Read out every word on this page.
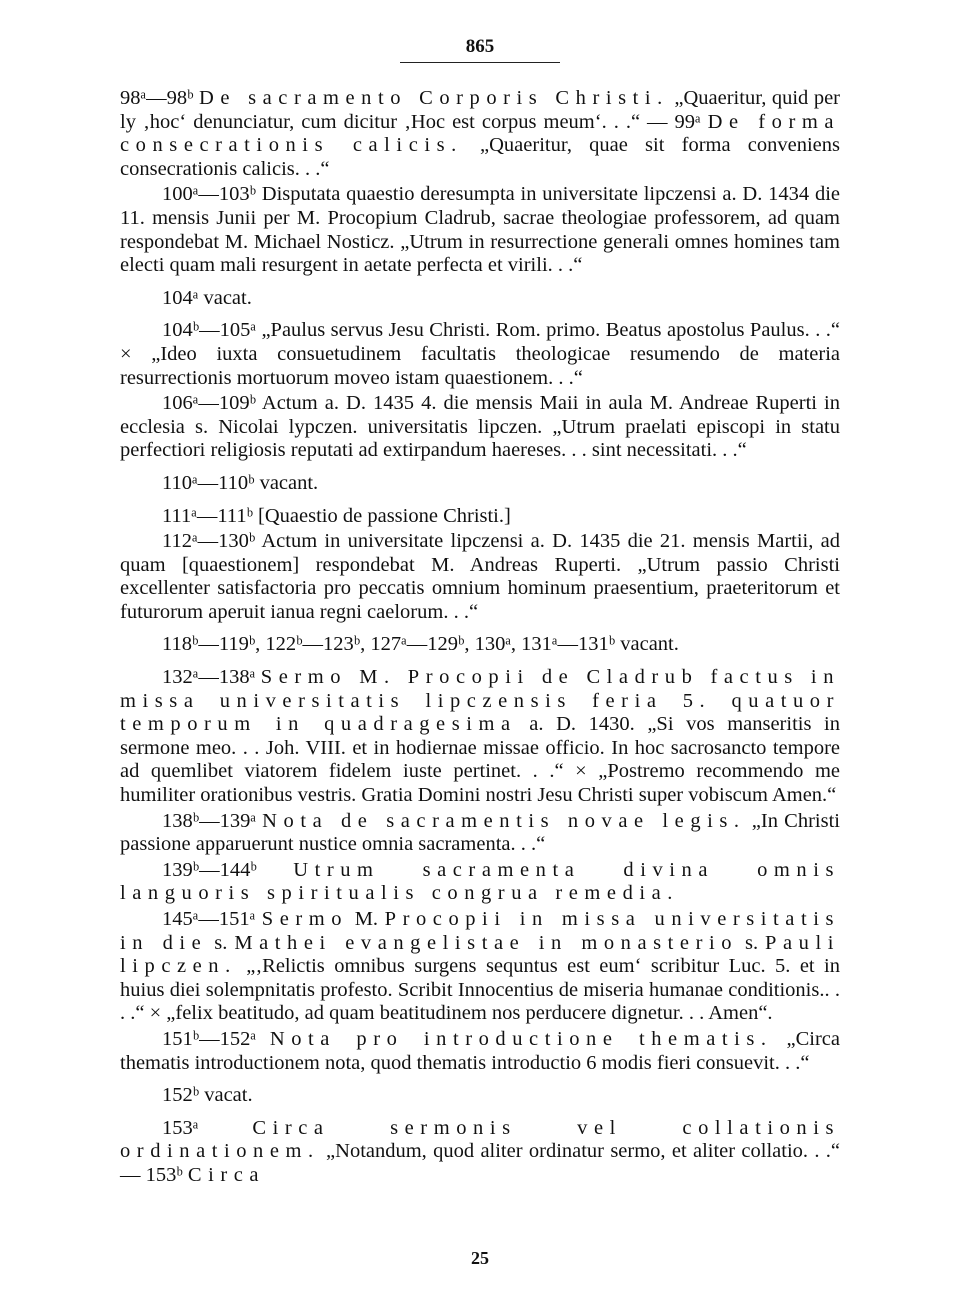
865

98ᵃ—98ᵇ De sacramento Corporis Christi. „Quaeritur, quid per ly ‚hoc‘ denunciatur, cum dicitur ‚Hoc est corpus meum‘. . .“ — 99ᵃ De forma consecrationis calicis. „Quaeritur, quae sit forma conveniens consecrationis calicis. . .“

100ᵃ—103ᵇ Disputata quaestio deresumpta in universitate lipczensi a. D. 1434 die 11. mensis Junii per M. Procopium Cladrub, sacrae theologiae professorem, ad quam respondebat M. Michael Nosticz. „Utrum in resurrectione generali omnes homines tam electi quam mali resurgent in aetate perfecta et virili. . .“

104ᵃ vacat.

104ᵇ—105ᵃ „Paulus servus Jesu Christi. Rom. primo. Beatus apostolus Paulus. . .“ × „Ideo iuxta consuetudinem facultatis theologicae resumendo de materia resurrectionis mortuorum moveo istam quaestionem. . .“

106ᵃ—109ᵇ Actum a. D. 1435 4. die mensis Maii in aula M. Andreae Ruperti in ecclesia s. Nicolai lypczen. universitatis lipczen. „Utrum praelati episcopi in statu perfectiori religiosis reputati ad extirpandum haereses. . . sint necessitati. . .“

110ᵃ—110ᵇ vacant.

111ᵃ—111ᵇ [Quaestio de passione Christi.]

112ᵃ—130ᵇ Actum in universitate lipczensi a. D. 1435 die 21. mensis Martii, ad quam [quaestionem] respondebat M. Andreas Ruperti. „Utrum passio Christi excellenter satisfactoria pro peccatis omnium hominum praesentium, praeteritorum et futurorum aperuit ianua regni caelorum. . .“

118ᵇ—119ᵇ, 122ᵇ—123ᵇ, 127ᵃ—129ᵇ, 130ᵃ, 131ᵃ—131ᵇ vacant.

132ᵃ—138ᵃ Sermo M. Procopii de Cladrub factus in missa universitatis lipczensis feria 5. quatuor temporum in quadragesima a. D. 1430. „Si vos manseritis in sermone meo. . . Joh. VIII. et in hodiernae missae officio. In hoc sacrosancto tempore ad quemlibet viatorem fidelem iuste pertinet. . .“ × „Postremo recommendo me humiliter orationibus vestris. Gratia Domini nostri Jesu Christi super vobiscum Amen.“

138ᵇ—139ᵃ Nota de sacramentis novae legis. „In Christi passione apparuerunt nustice omnia sacramenta. . .“

139ᵇ—144ᵇ Utrum sacramenta divina omnis languoris spiritualis congrua remedia.

145ᵃ—151ᵃ Sermo M. Procopii in missa universitatis in die s. Mathei evangelistae in monasterio s. Pauli lipczen. „‚Relictis omnibus surgens sequntus est eum‘ scribitur Luc. 5. et in huius diei solempnitatis profesto. Scribit Innocentius de miseria humanae conditionis.. . . .“ × „felix beatitudo, ad quam beatitudinem nos perducere dignetur. . . Amen“.

151ᵇ—152ᵃ Nota pro introductione thematis. „Circa thematis introductionem nota, quod thematis introductio 6 modis fieri consuevit. . .“

152ᵇ vacat.

153ᵃ	Circa sermonis vel collationis ordinationem. „Notandum, quod aliter ordinatur sermo, et aliter collatio. . .“ — 153ᵇ Circa

25
